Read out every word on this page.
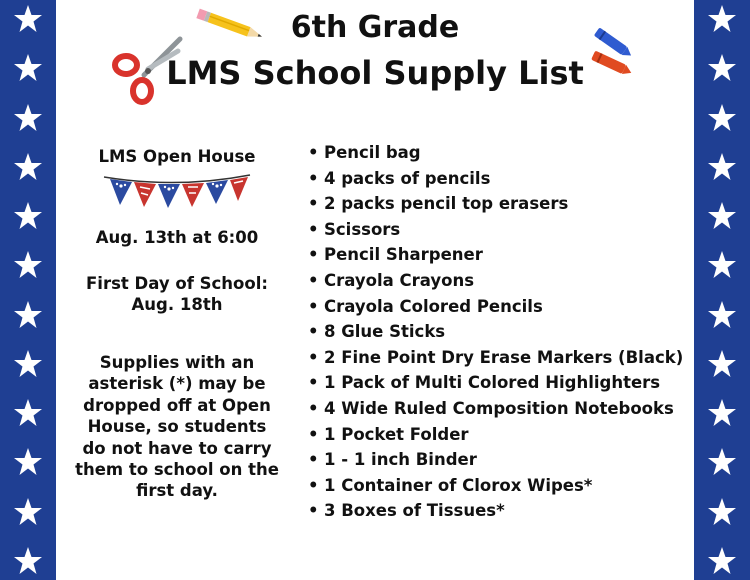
6th Grade
LMS School Supply List

LMS Open House

Aug. 13th at 6:00

First Day of School:
Aug. 18th

Supplies with an asterisk (*) may be dropped off at Open House, so students do not have to carry them to school on the first day.

• Pencil bag
• 4 packs of pencils
• 2 packs pencil top erasers
• Scissors
• Pencil Sharpener
• Crayola Crayons
• Crayola Colored Pencils
• 8 Glue Sticks
• 2 Fine Point Dry Erase Markers (Black)
• 1 Pack of Multi Colored Highlighters
• 4 Wide Ruled Composition Notebooks
• 1 Pocket Folder
• 1 - 1 inch Binder
• 1 Container of Clorox Wipes*
• 3 Boxes of Tissues*
